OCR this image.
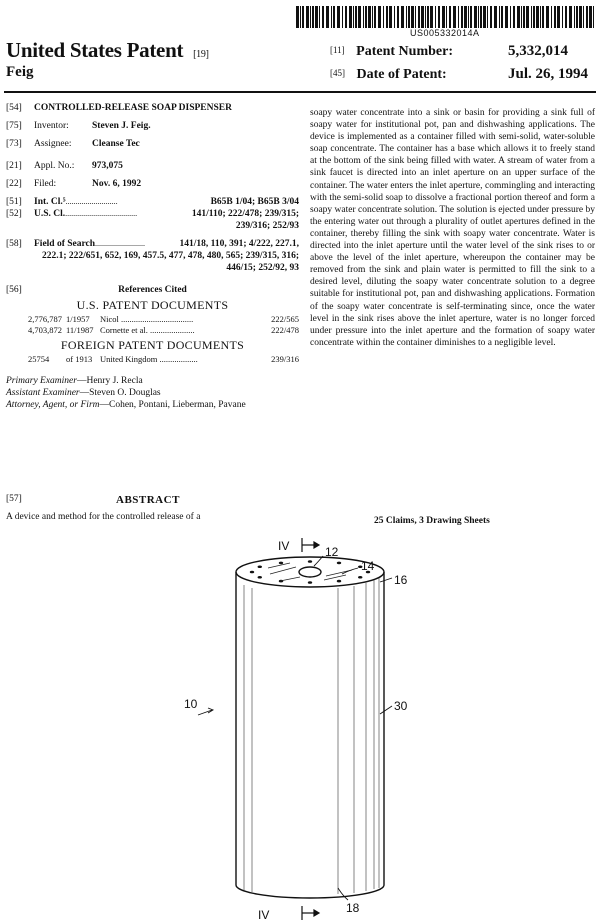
US005332014A
United States Patent [19]
Feig
[11] Patent Number:	5,332,014
[45] Date of Patent:	Jul. 26, 1994
[54]	CONTROLLED-RELEASE SOAP DISPENSER
[75]	Inventor:	Steven J. Feig.
[73]	Assignee:	Cleanse Tec
[21]	Appl. No.:	973,075
[22]	Filed:	Nov. 6, 1992
[51]	Int. Cl.⁵ ..........................	B65B 1/04; B65B 3/04
[52]	U.S. Cl. ....................................	141/110; 222/478; 239/315; 239/316; 252/93
[58]	Field of Search .........................	141/18, 110, 391; 4/222, 227.1, 222.1; 222/651, 652, 169, 457.5, 477, 478, 480, 565; 239/315, 316; 446/15; 252/92, 93
[56]	References Cited
U.S. PATENT DOCUMENTS
2,776,787 1/1957	Nicol ..................................	222/565
4,703,872 11/1987 Cornette et al. .....................	222/478
FOREIGN PATENT DOCUMENTS
25754	of 1913 United Kingdom ..................	239/316
Primary Examiner—Henry J. Recla
Assistant Examiner—Steven O. Douglas
Attorney, Agent, or Firm—Cohen, Pontani, Lieberman, Pavane
[57]	ABSTRACT
A device and method for the controlled release of a
soapy water concentrate into a sink or basin for providing a sink full of soapy water for institutional pot, pan and dishwashing applications. The device is implemented as a container filled with semi-solid, water-soluble soap concentrate. The container has a base which allows it to freely stand at the bottom of the sink being filled with water. A stream of water from a sink faucet is directed into an inlet aperture on an upper surface of the container. The water enters the inlet aperture, commingling and interacting with the semi-solid soap to dissolve a fractional portion thereof and form a soapy water concentrate solution. The solution is ejected under pressure by the entering water out through a plurality of outlet apertures defined in the container, thereby filling the sink with soapy water concentrate. Water is directed into the inlet aperture until the water level of the sink rises to or above the level of the inlet aperture, whereupon the container may be removed from the sink and plain water is permitted to fill the sink to a desired level, diluting the soapy water concentrate solution to a degree suitable for institutional pot, pan and dishwashing applications. Formation of the soapy water concentrate is self-terminating since, once the water level in the sink rises above the inlet aperture, water is no longer forced under pressure into the inlet aperture and the formation of soapy water concentrate within the container diminishes to a negligible level.
25 Claims, 3 Drawing Sheets
IV
IV
12
14
16
30
10
18
